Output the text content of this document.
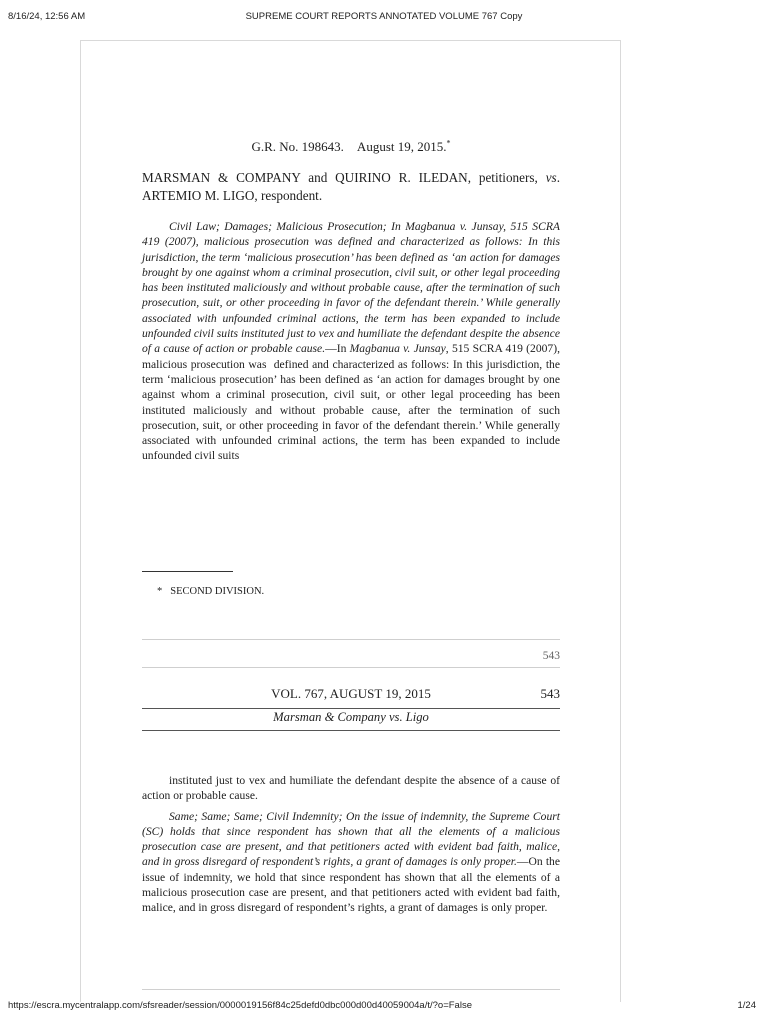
8/16/24, 12:56 AM	SUPREME COURT REPORTS ANNOTATED VOLUME 767 Copy
G.R. No. 198643. August 19, 2015.*
MARSMAN & COMPANY and QUIRINO R. ILEDAN, petitioners, vs. ARTEMIO M. LIGO, respondent.

Civil Law; Damages; Malicious Prosecution; In Magbanua v. Junsay, 515 SCRA 419 (2007), malicious prosecution was defined and characterized as follows: In this jurisdiction, the term ‘malicious prosecution’ has been defined as ‘an action for damages brought by one against whom a criminal prosecution, civil suit, or other legal proceeding has been instituted maliciously and without probable cause, after the termination of such prosecution, suit, or other proceeding in favor of the defendant therein.’ While generally associated with unfounded criminal actions, the term has been expanded to include unfounded civil suits instituted just to vex and humiliate the defendant despite the absence of a cause of action or probable cause.—In Magbanua v. Junsay, 515 SCRA 419 (2007), malicious prosecution was  defined and characterized as follows: In this jurisdiction, the term ‘malicious prosecution’ has been defined as ‘an action for damages brought by one against whom a criminal prosecution, civil suit, or other legal proceeding has been instituted maliciously and without probable cause, after the termination of such prosecution, suit, or other proceeding in favor of the defendant therein.’ While generally associated with unfounded criminal actions, the term has been expanded to include unfounded civil suits

* SECOND DIVISION.
543
VOL. 767, AUGUST 19, 2015	543
Marsman & Company vs. Ligo

instituted just to vex and humiliate the defendant despite the absence of a cause of action or probable cause.

Same; Same; Same; Civil Indemnity; On the issue of indemnity, the Supreme Court (SC) holds that since respondent has shown that all the elements of a malicious prosecution case are present, and that petitioners acted with evident bad faith, malice, and in gross disregard of respondent’s rights, a grant of damages is only proper.—On the issue of indemnity, we hold that since respondent has shown that all the elements of a malicious prosecution case are present, and that petitioners acted with evident bad faith, malice, and in gross disregard of respondent’s rights, a grant of damages is only proper.

https://escra.mycentralapp.com/sfsreader/session/0000019156f84c25defd0dbc000d00d40059004a/t/?o=False	1/24
